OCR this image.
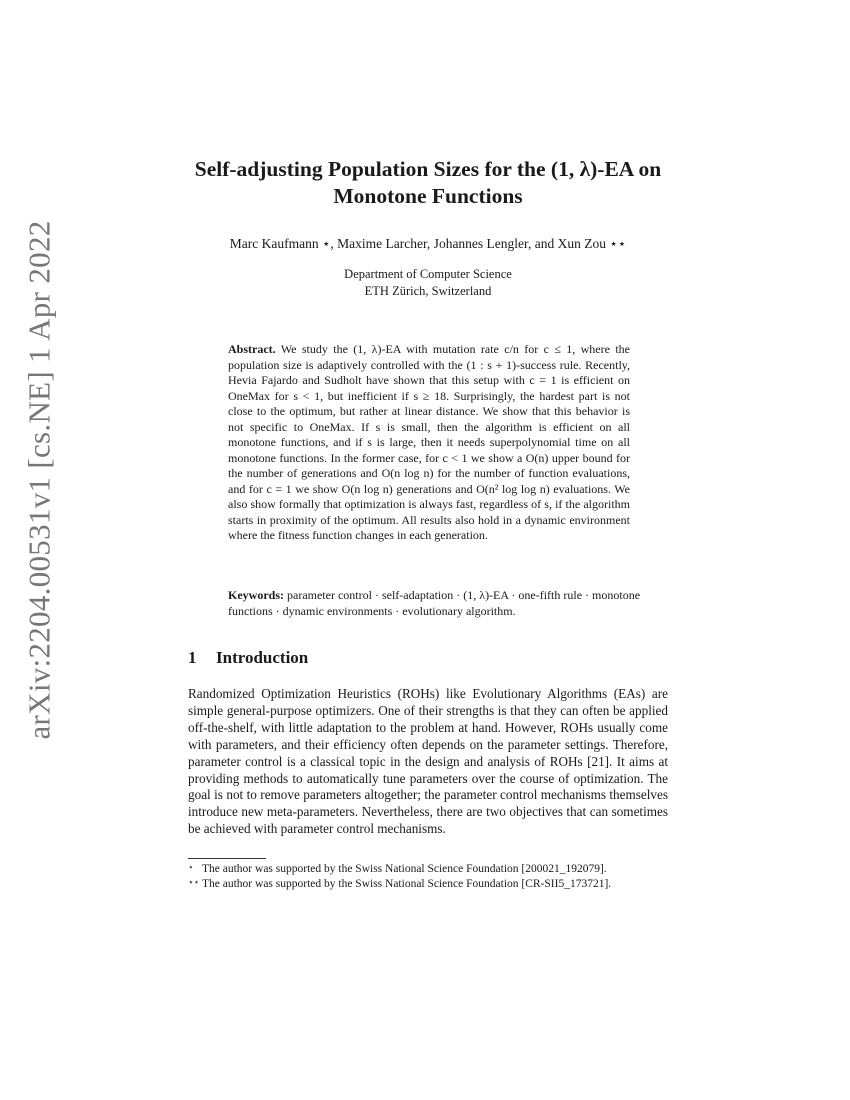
arXiv:2204.00531v1 [cs.NE] 1 Apr 2022
Self-adjusting Population Sizes for the (1, λ)-EA on Monotone Functions
Marc Kaufmann ⋆, Maxime Larcher, Johannes Lengler, and Xun Zou ⋆⋆
Department of Computer Science
ETH Zürich, Switzerland
Abstract. We study the (1, λ)-EA with mutation rate c/n for c ≤ 1, where the population size is adaptively controlled with the (1 : s + 1)-success rule. Recently, Hevia Fajardo and Sudholt have shown that this setup with c = 1 is efficient on OneMax for s < 1, but inefficient if s ≥ 18. Surprisingly, the hardest part is not close to the optimum, but rather at linear distance. We show that this behavior is not specific to OneMax. If s is small, then the algorithm is efficient on all monotone functions, and if s is large, then it needs superpolynomial time on all monotone functions. In the former case, for c < 1 we show a O(n) upper bound for the number of generations and O(n log n) for the number of function evaluations, and for c = 1 we show O(n log n) generations and O(n² log log n) evaluations. We also show formally that optimization is always fast, regardless of s, if the algorithm starts in proximity of the optimum. All results also hold in a dynamic environment where the fitness function changes in each generation.
Keywords: parameter control · self-adaptation · (1, λ)-EA · one-fifth rule · monotone functions · dynamic environments · evolutionary algorithm.
1 Introduction
Randomized Optimization Heuristics (ROHs) like Evolutionary Algorithms (EAs) are simple general-purpose optimizers. One of their strengths is that they can often be applied off-the-shelf, with little adaptation to the problem at hand. However, ROHs usually come with parameters, and their efficiency often depends on the parameter settings. Therefore, parameter control is a classical topic in the design and analysis of ROHs [21]. It aims at providing methods to automatically tune parameters over the course of optimization. The goal is not to remove parameters altogether; the parameter control mechanisms themselves introduce new meta-parameters. Nevertheless, there are two objectives that can sometimes be achieved with parameter control mechanisms.
⋆ The author was supported by the Swiss National Science Foundation [200021_192079].
⋆⋆ The author was supported by the Swiss National Science Foundation [CR-SII5_173721].
